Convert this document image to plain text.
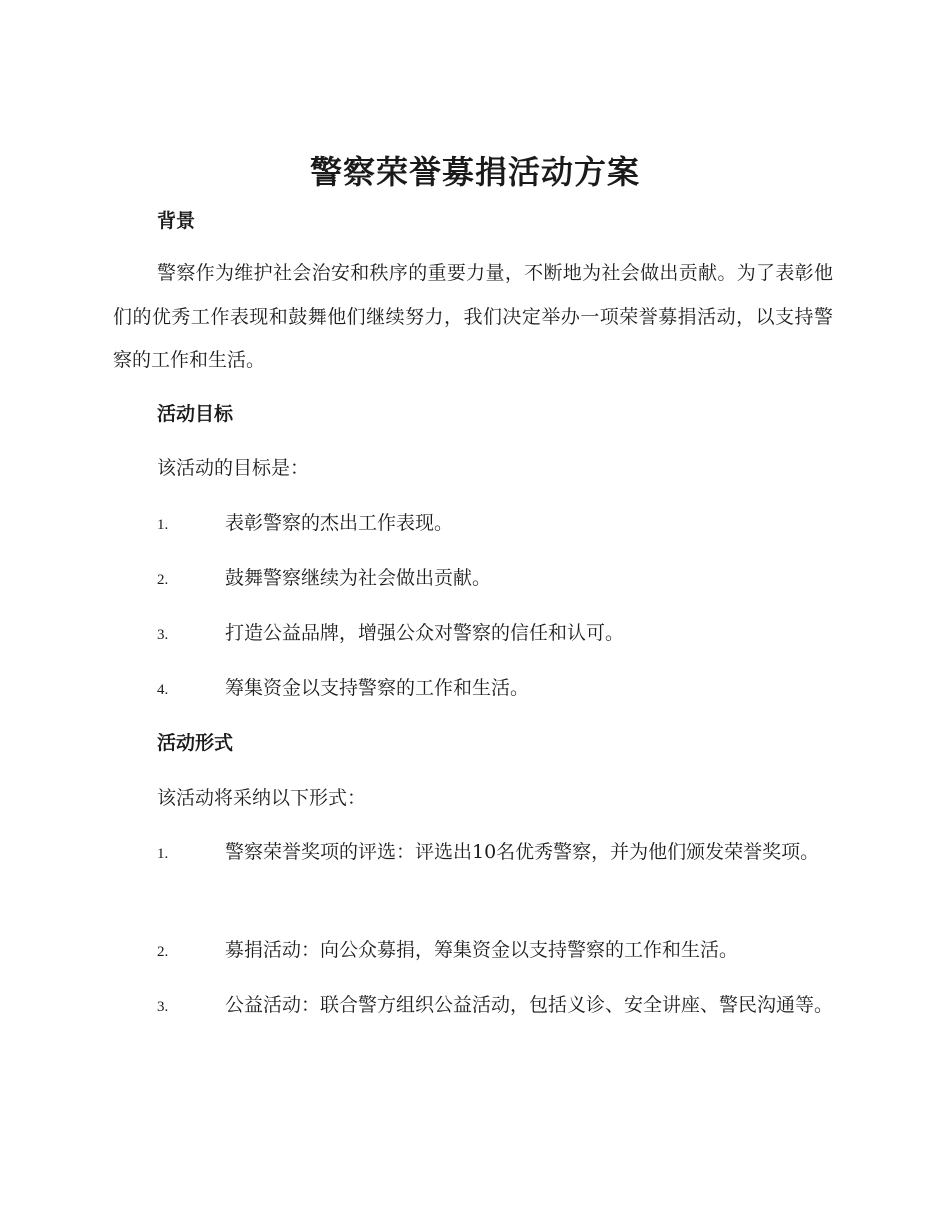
警察荣誉募捐活动方案
背景

警察作为维护社会治安和秩序的重要力量，不断地为社会做出贡献。为了表彰他们的优秀工作表现和鼓舞他们继续努力，我们决定举办一项荣誉募捐活动，以支持警察的工作和生活。

活动目标
该活动的目标是：

1.	表彰警察的杰出工作表现。

2.	鼓舞警察继续为社会做出贡献。

3.	打造公益品牌，增强公众对警察的信任和认可。

4.	筹集资金以支持警察的工作和生活。

活动形式
该活动将采纳以下形式：

1.	警察荣誉奖项的评选：评选出10名优秀警察，并为他们颁发荣誉奖项。

2.	募捐活动：向公众募捐，筹集资金以支持警察的工作和生活。

3.	公益活动：联合警方组织公益活动，包括义诊、安全讲座、警民沟通等。
